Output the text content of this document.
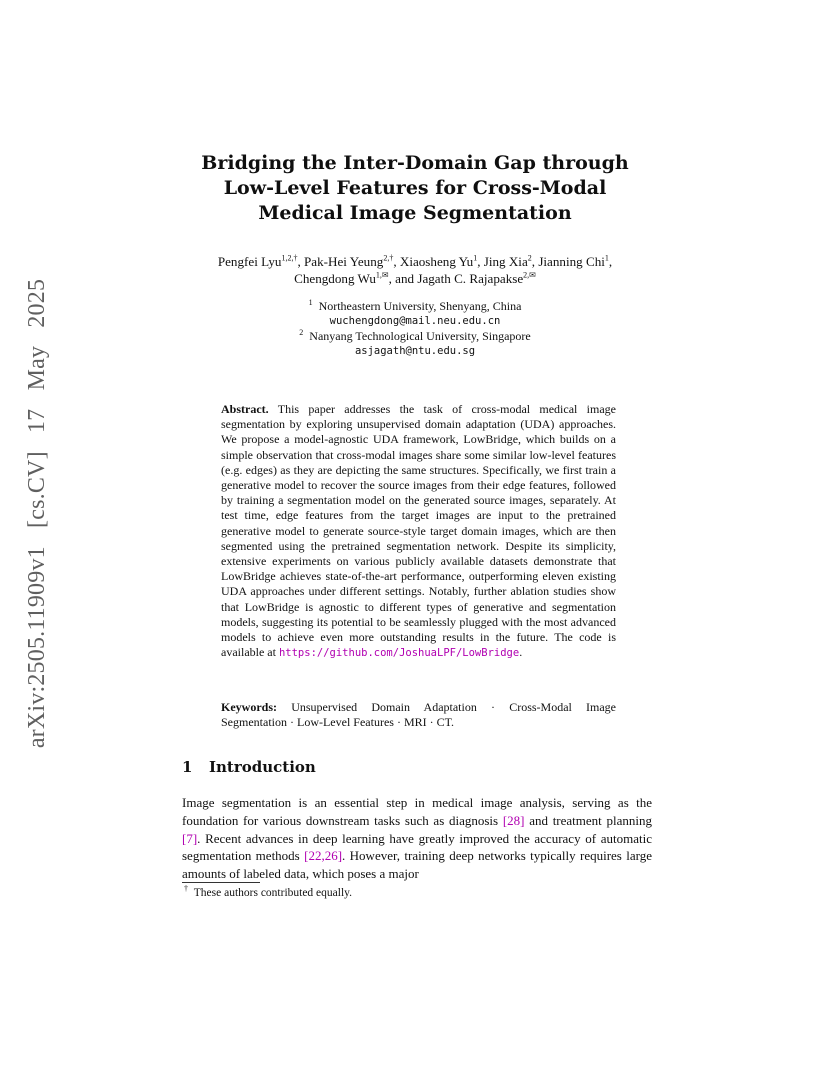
arXiv:2505.11909v1 [cs.CV] 17 May 2025
Bridging the Inter-Domain Gap through Low-Level Features for Cross-Modal Medical Image Segmentation
Pengfei Lyu$^{1,2,\dagger}$, Pak-Hei Yeung$^{2,\dagger}$, Xiaosheng Yu$^1$, Jing Xia$^2$, Jianning Chi$^1$,
Chengdong $Wu^{1,✉}$, and Jagath C. Rajapakse$^{2,✉}$
$^1$ Northeastern University, Shenyang, China
wuchengdong@mail.neu.edu.cn
$^2$ Nanyang Technological University, Singapore
asjagath@ntu.edu.sg
Abstract. This paper addresses the task of cross-modal medical image segmentation by exploring unsupervised domain adaptation (UDA) approaches. We propose a model-agnostic UDA framework, LowBridge, which builds on a simple observation that cross-modal images share some similar low-level features (e.g. edges) as they are depicting the same structures. Specifically, we first train a generative model to recover the source images from their edge features, followed by training a segmentation model on the generated source images, separately. At test time, edge features from the target images are input to the pretrained generative model to generate source-style target domain images, which are then segmented using the pretrained segmentation network. Despite its simplicity, extensive experiments on various publicly available datasets demonstrate that LowBridge achieves state-of-the-art performance, outperforming eleven existing UDA approaches under different settings. Notably, further ablation studies show that LowBridge is agnostic to different types of generative and segmentation models, suggesting its potential to be seamlessly plugged with the most advanced models to achieve even more outstanding results in the future. The code is available at https://github.com/JoshuaLPF/LowBridge.
Keywords: Unsupervised Domain Adaptation · Cross-Modal Image Segmentation · Low-Level Features · MRI · CT.
1 Introduction
Image segmentation is an essential step in medical image analysis, serving as the foundation for various downstream tasks such as diagnosis [28] and treatment planning [7]. Recent advances in deep learning have greatly improved the accuracy of automatic segmentation methods [22,26]. However, training deep networks typically requires large amounts of labeled data, which poses a major
† These authors contributed equally.
